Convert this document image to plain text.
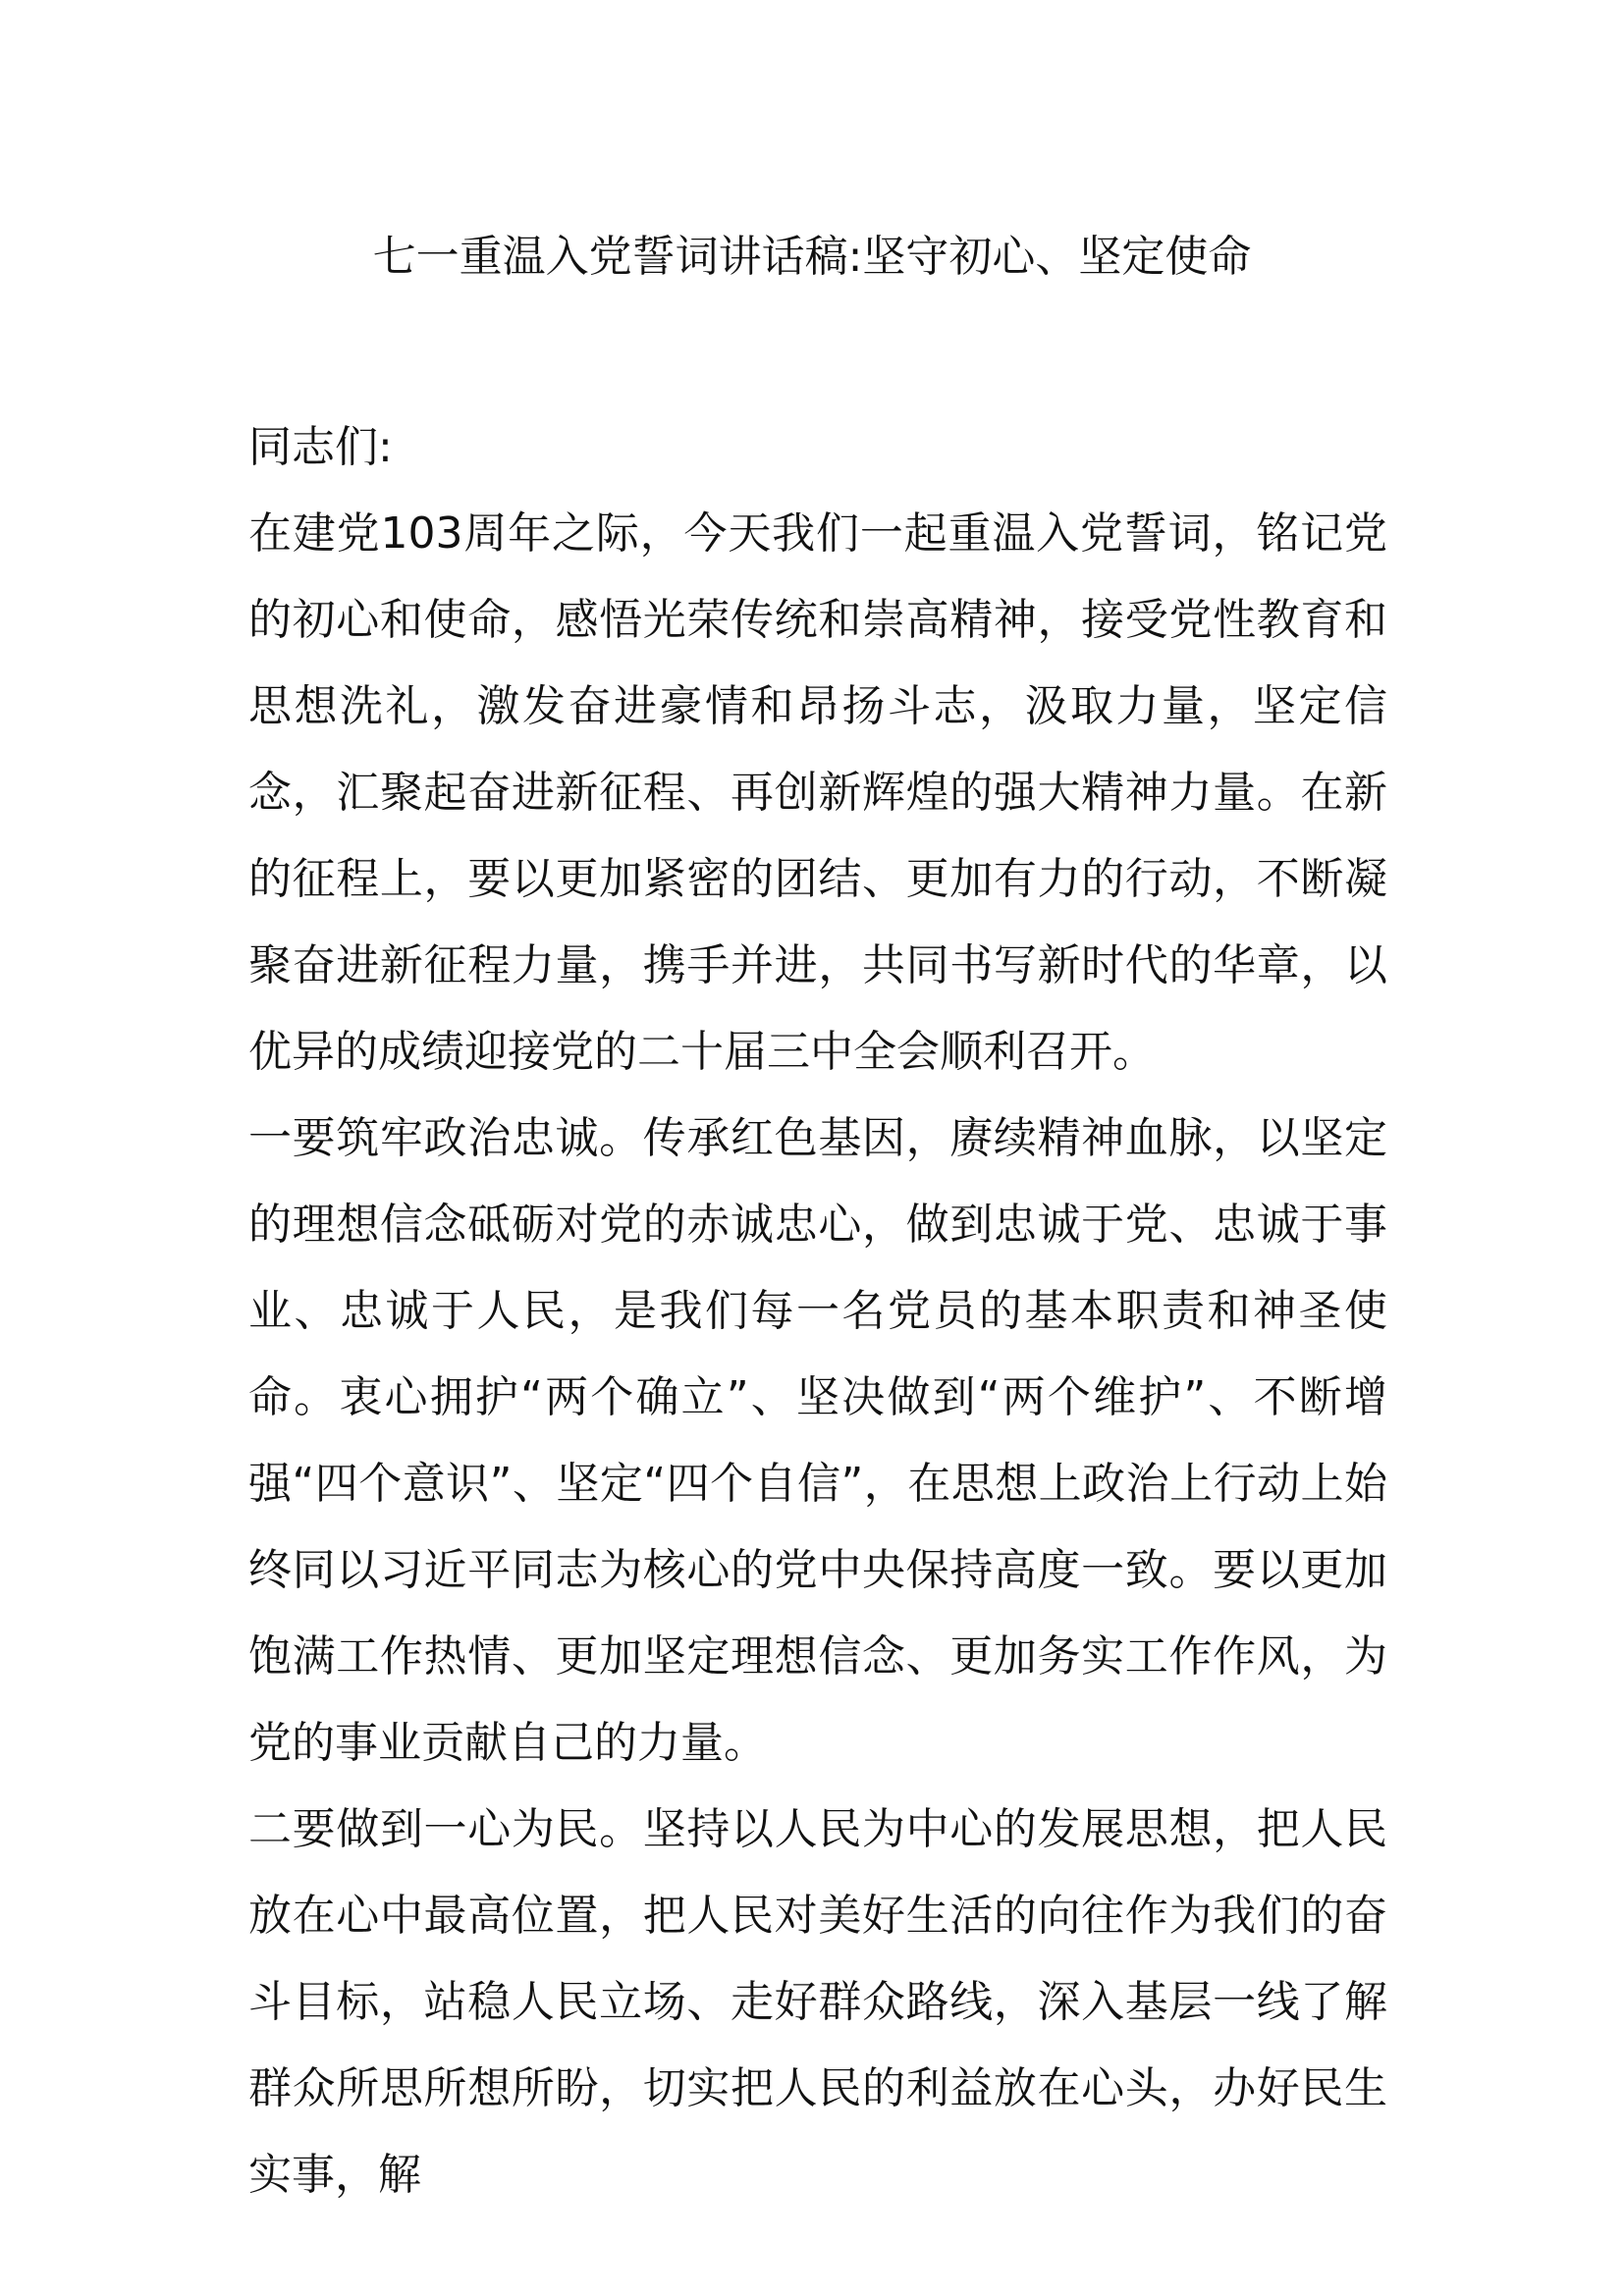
七一重温入党誓词讲话稿:坚守初心、坚定使命

同志们:

在建党103周年之际，今天我们一起重温入党誓词，铭记党的初心和使命，感悟光荣传统和崇高精神，接受党性教育和思想洗礼，激发奋进豪情和昂扬斗志，汲取力量，坚定信念，汇聚起奋进新征程、再创新辉煌的强大精神力量。在新的征程上，要以更加紧密的团结、更加有力的行动，不断凝聚奋进新征程力量，携手并进，共同书写新时代的华章，以优异的成绩迎接党的二十届三中全会顺利召开。

一要筑牢政治忠诚。传承红色基因，赓续精神血脉，以坚定的理想信念砥砺对党的赤诚忠心，做到忠诚于党、忠诚于事业、忠诚于人民，是我们每一名党员的基本职责和神圣使命。衷心拥护“两个确立”、坚决做到“两个维护”、不断增强“四个意识”、坚定“四个自信”，在思想上政治上行动上始终同以习近平同志为核心的党中央保持高度一致。要以更加饱满工作热情、更加坚定理想信念、更加务实工作作风，为党的事业贡献自己的力量。

二要做到一心为民。坚持以人民为中心的发展思想，把人民放在心中最高位置，把人民对美好生活的向往作为我们的奋斗目标，站稳人民立场、走好群众路线，深入基层一线了解群众所思所想所盼，切实把人民的利益放在心头，办好民生实事，解
